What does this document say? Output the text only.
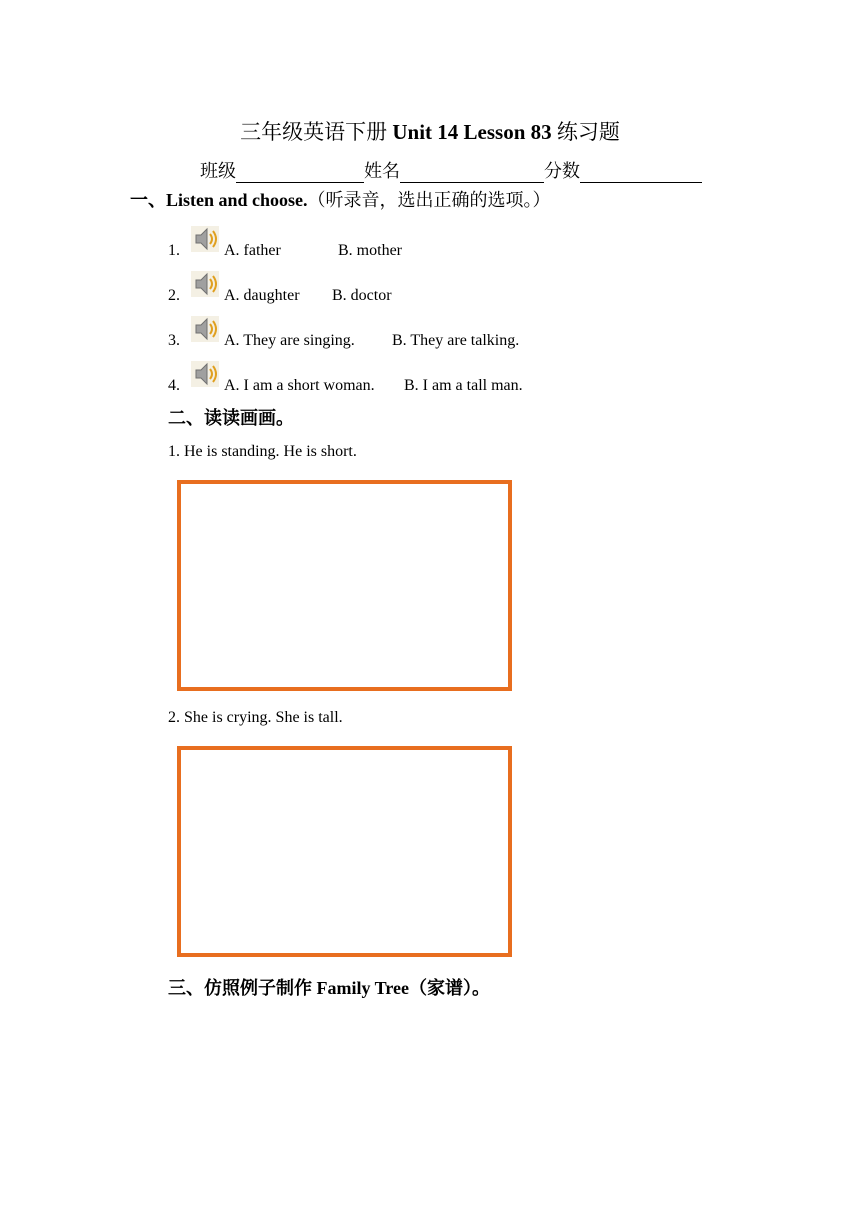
三年级英语下册 Unit 14 Lesson 83 练习题
班级	姓名	分数
一、Listen and choose.（听录音，选出正确的选项。）
1.	A. father	B. mother
2.	A. daughter	B. doctor
3.	A. They are singing.	B. They are talking.
4.	A. I am a short woman.	B. I am a tall man.
二、读读画画。
1. He is standing. He is short.
2. She is crying. She is tall.
三、仿照例子制作 Family Tree（家谱）。
